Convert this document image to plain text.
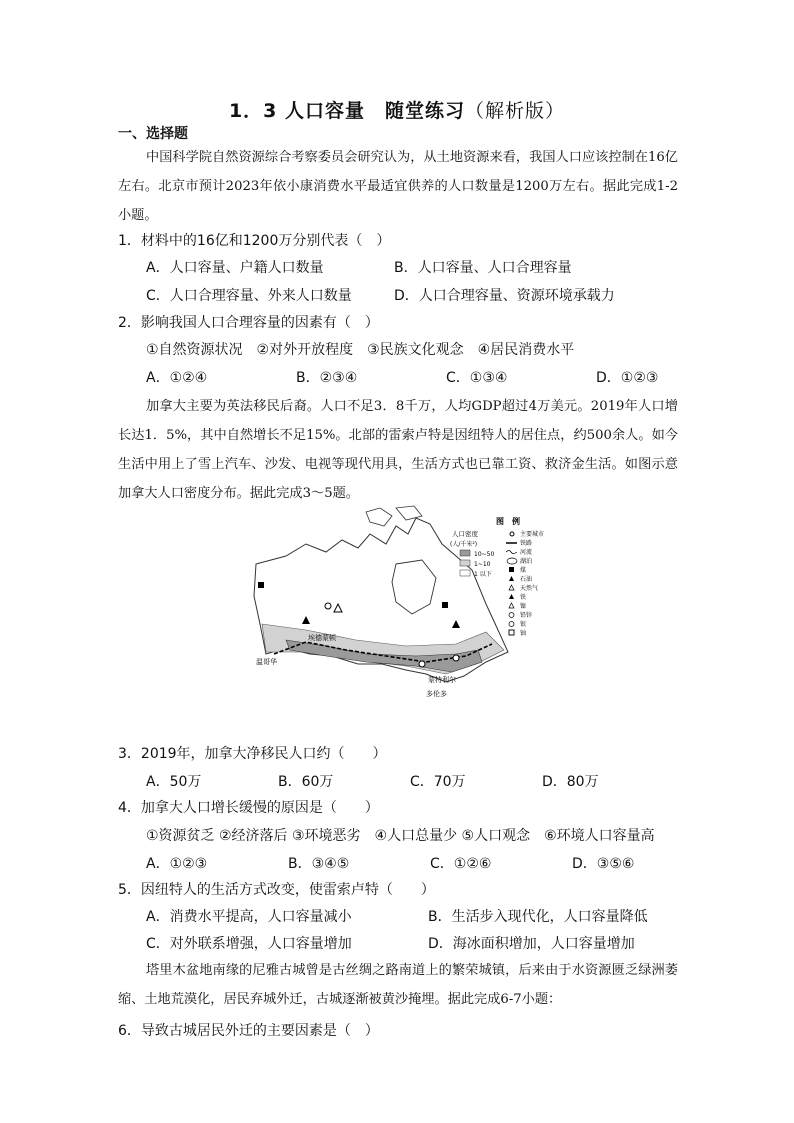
1．3 人口容量　随堂练习（解析版）
一、选择题
中国科学院自然资源综合考察委员会研究认为，从土地资源来看，我国人口应该控制在16亿左右。北京市预计2023年依小康消费水平最适宜供养的人口数量是1200万左右。据此完成1-2小题。
1．材料中的16亿和1200万分别代表（　）
A．人口容量、户籍人口数量	B．人口容量、人口合理容量
C．人口合理容量、外来人口数量	D．人口合理容量、资源环境承载力
2．影响我国人口合理容量的因素有（　）
①自然资源状况　②对外开放程度　③民族文化观念　④居民消费水平
A．①②④	B．②③④	C．①③④	D．①②③
加拿大主要为英法移民后裔。人口不足3．8千万，人均GDP超过4万美元。2019年人口增长达1．5%，其中自然增长不足15%。北部的雷索卢特是因纽特人的居住点，约500余人。如今生活中用上了雪上汽车、沙发、电视等现代用具，生活方式也已靠工资、救济金生活。如图示意加拿大人口密度分布。据此完成3～5题。
埃德蒙顿
温哥华
蒙特利尔
多伦多
图　例
人口密度
(人/千米²)
10~50
1~10
1 以下
主要城市
铁路
河流
湖泊
煤
石油
天然气
铁
镍
铅锌
银
铀
3．2019年，加拿大净移民人口约（　　）
A．50万	B．60万	C．70万	D．80万
4．加拿大人口增长缓慢的原因是（　　）
①资源贫乏 ②经济落后 ③环境恶劣　④人口总量少 ⑤人口观念　⑥环境人口容量高
A．①②③	B．③④⑤	C．①②⑥	D．③⑤⑥
5．因纽特人的生活方式改变，使雷索卢特（　　）
A．消费水平提高，人口容量减小	B．生活步入现代化，人口容量降低
C．对外联系增强，人口容量增加	D．海冰面积增加，人口容量增加
塔里木盆地南缘的尼雅古城曾是古丝绸之路南道上的繁荣城镇，后来由于水资源匮乏绿洲萎缩、土地荒漠化，居民弃城外迁，古城逐渐被黄沙掩埋。据此完成6-7小题：
6．导致古城居民外迁的主要因素是（　）
